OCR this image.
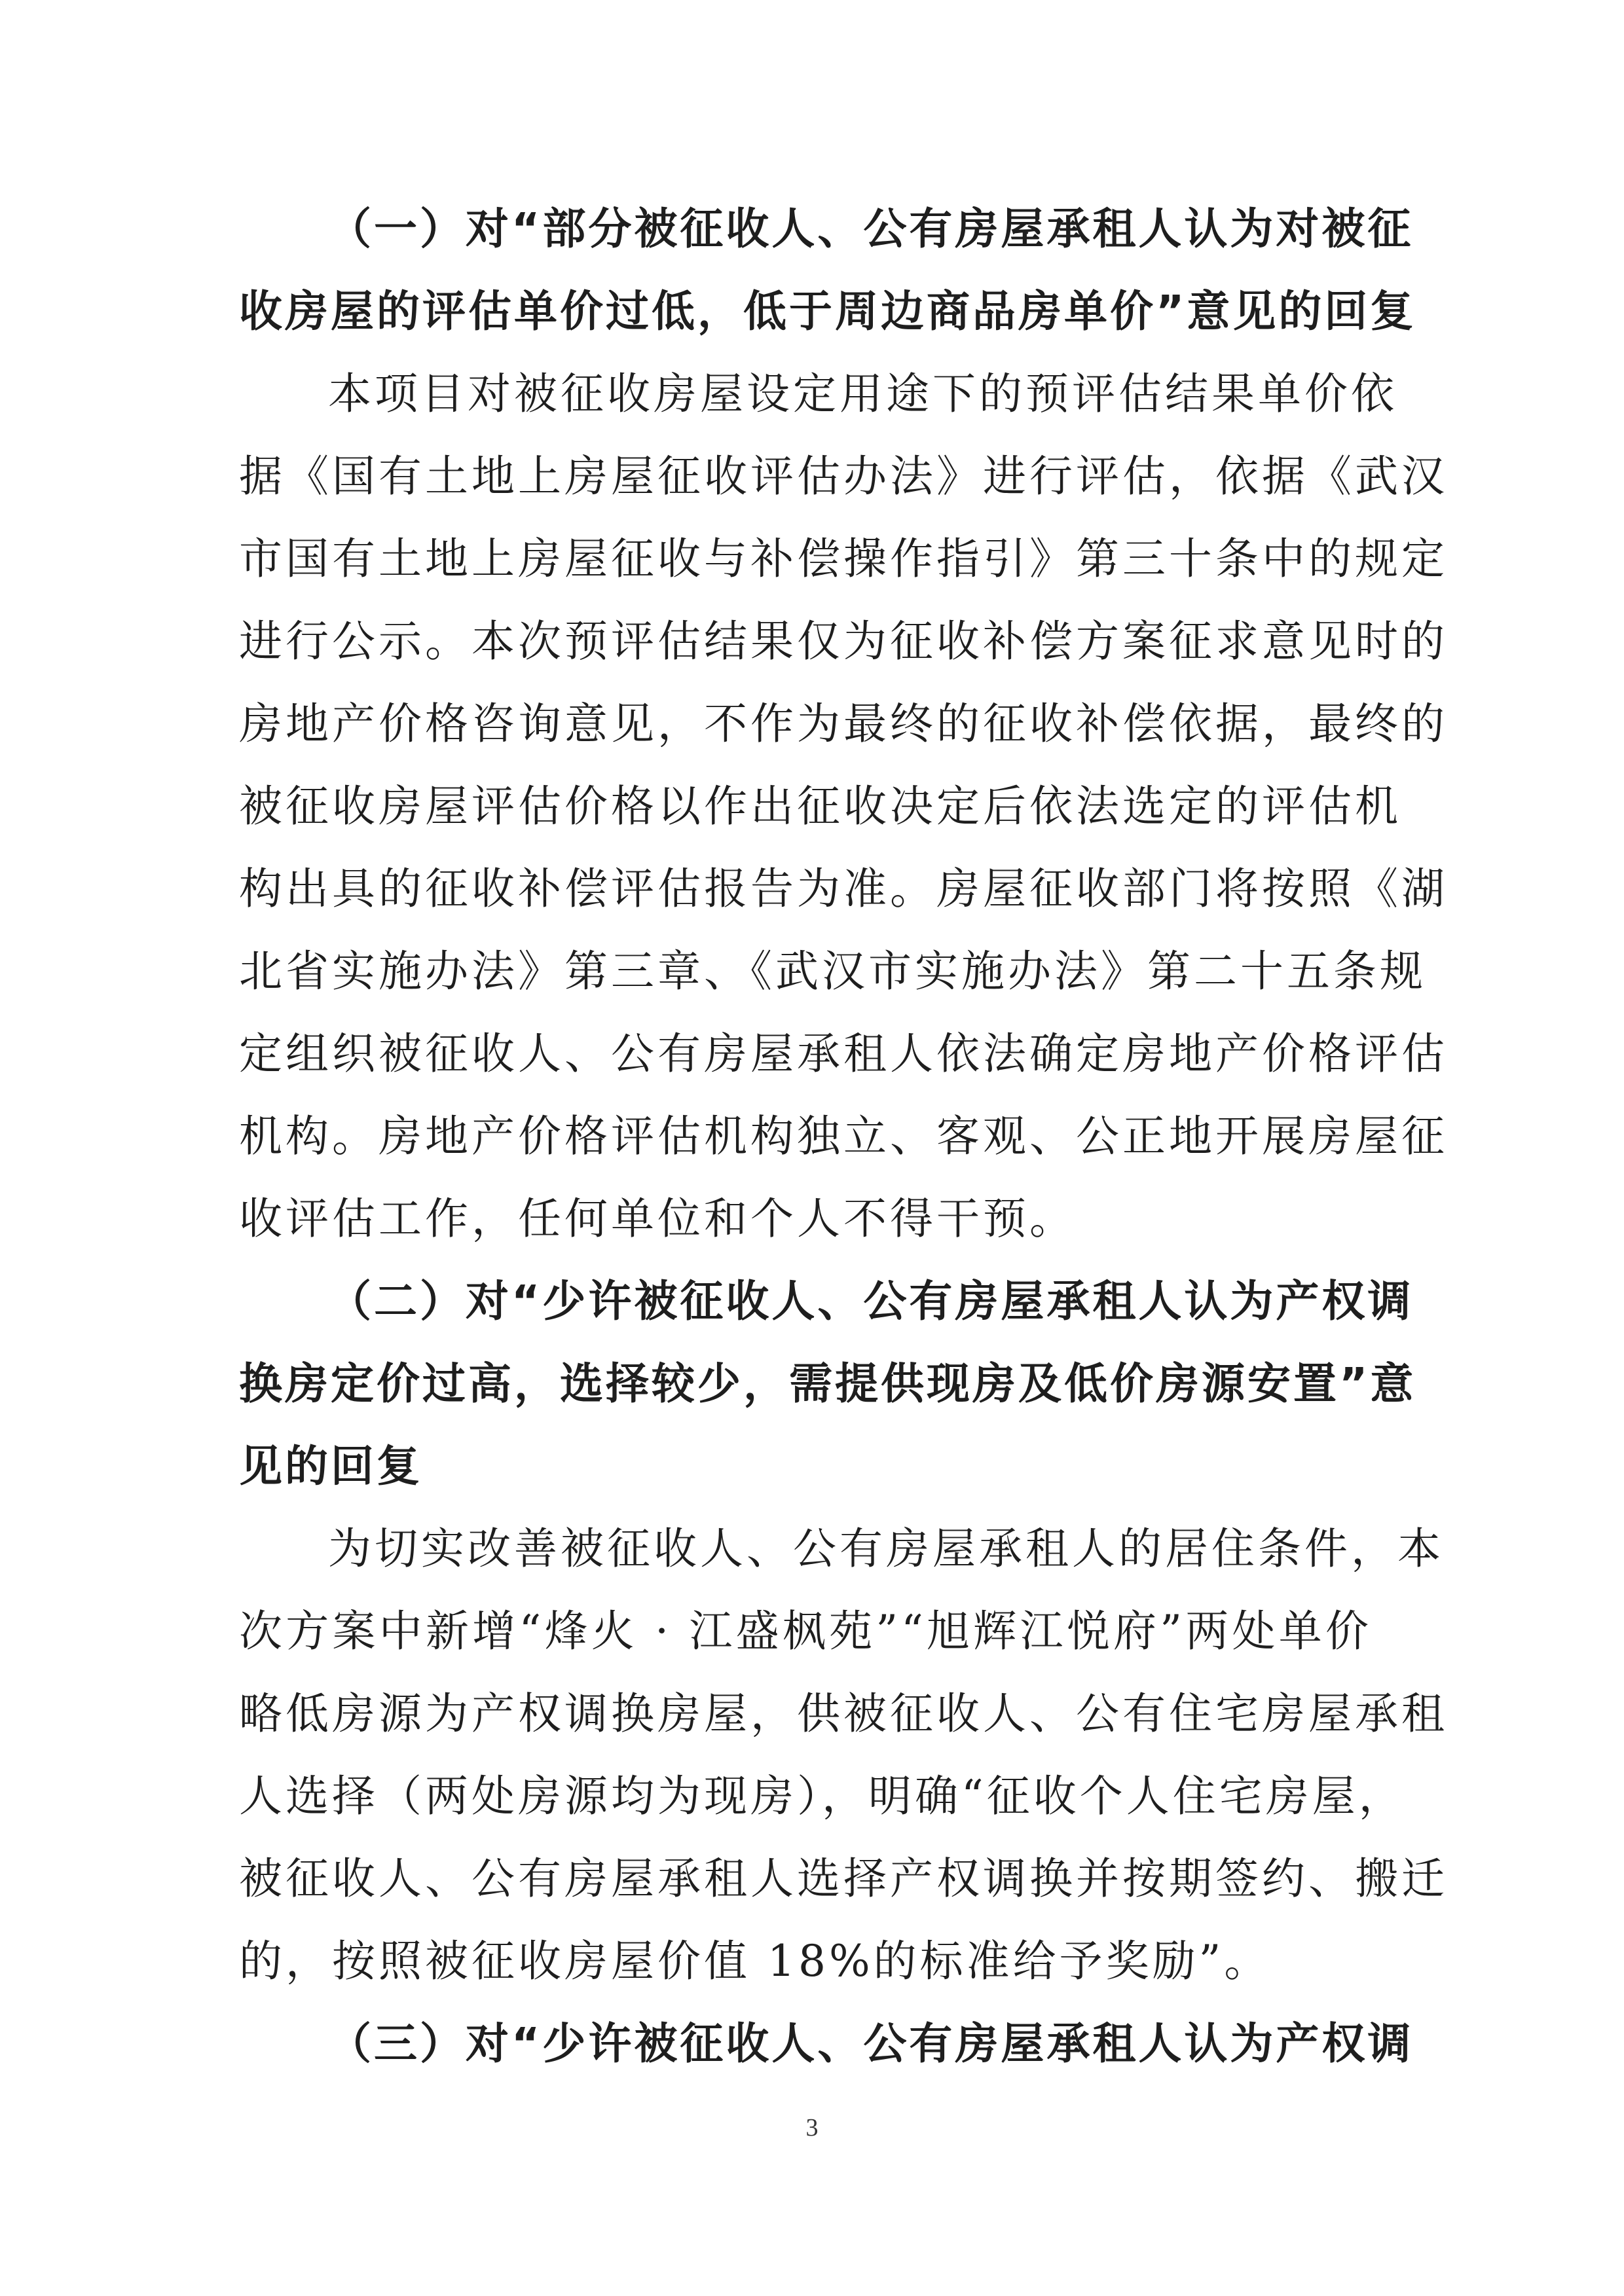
（一）对“部分被征收人、公有房屋承租人认为对被征
收房屋的评估单价过低，低于周边商品房单价”意见的回复
本项目对被征收房屋设定用途下的预评估结果单价依
据《国有土地上房屋征收评估办法》进行评估，依据《武汉
市国有土地上房屋征收与补偿操作指引》第三十条中的规定
进行公示。本次预评估结果仅为征收补偿方案征求意见时的
房地产价格咨询意见，不作为最终的征收补偿依据，最终的
被征收房屋评估价格以作出征收决定后依法选定的评估机
构出具的征收补偿评估报告为准。房屋征收部门将按照《湖
北省实施办法》第三章、《武汉市实施办法》第二十五条规
定组织被征收人、公有房屋承租人依法确定房地产价格评估
机构。房地产价格评估机构独立、客观、公正地开展房屋征
收评估工作，任何单位和个人不得干预。
（二）对“少许被征收人、公有房屋承租人认为产权调
换房定价过高，选择较少，需提供现房及低价房源安置”意
见的回复
为切实改善被征收人、公有房屋承租人的居住条件，本
次方案中新增“烽火 · 江盛枫苑”“旭辉江悦府”两处单价
略低房源为产权调换房屋，供被征收人、公有住宅房屋承租
人选择（两处房源均为现房），明确“征收个人住宅房屋，
被征收人、公有房屋承租人选择产权调换并按期签约、搬迁
的，按照被征收房屋价值 18%的标准给予奖励”。
（三）对“少许被征收人、公有房屋承租人认为产权调
3
